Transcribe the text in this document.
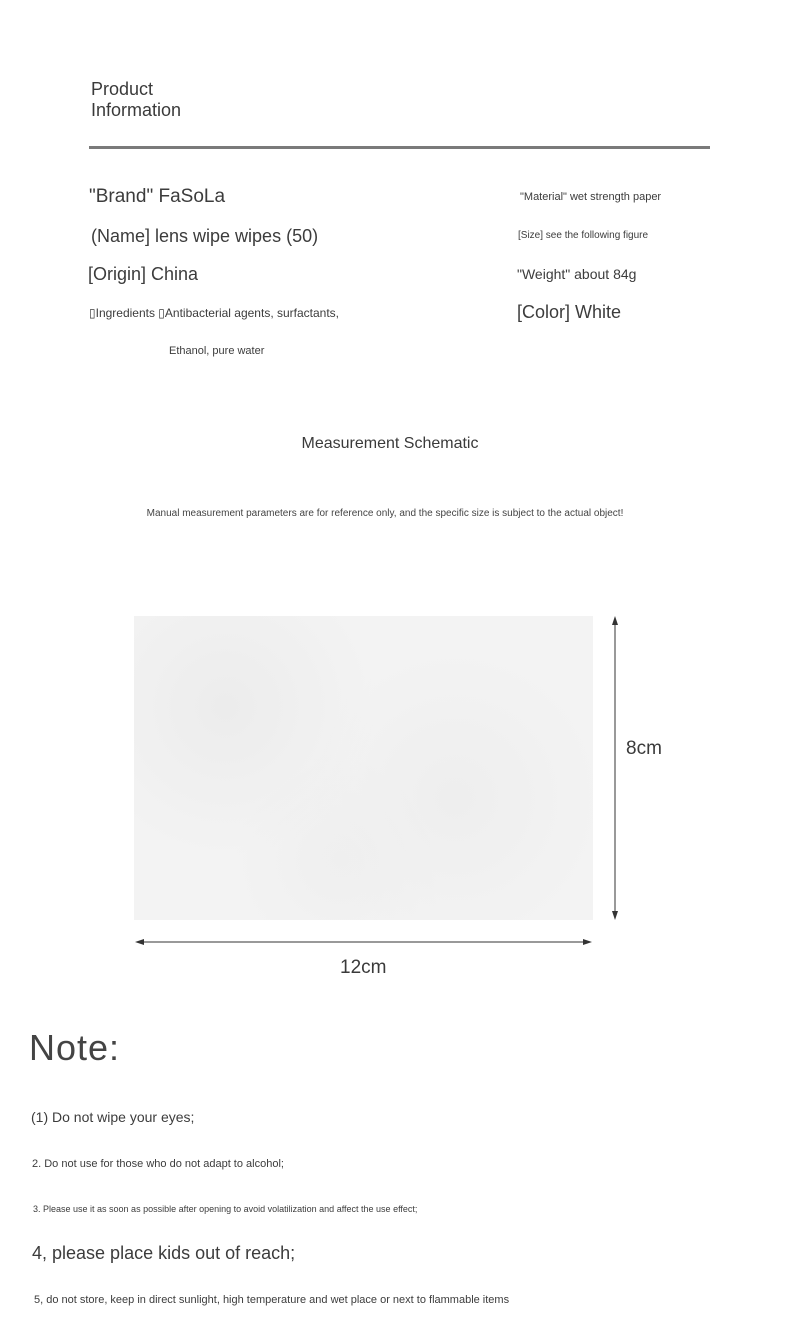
Product
Information
"Brand" FaSoLa
(Name] lens wipe wipes (50)
[Origin] China
▯Ingredients ▯Antibacterial agents, surfactants,
Ethanol, pure water
"Material" wet strength paper
[Size] see the following figure
"Weight" about 84g
[Color] White
Measurement Schematic
Manual measurement parameters are for reference only, and the specific size is subject to the actual object!
8cm
12cm
Note:
(1) Do not wipe your eyes;
2. Do not use for those who do not adapt to alcohol;
3. Please use it as soon as possible after opening to avoid volatilization and affect the use effect;
4, please place kids out of reach;
5, do not store, keep in direct sunlight, high temperature and wet place or next to flammable items
